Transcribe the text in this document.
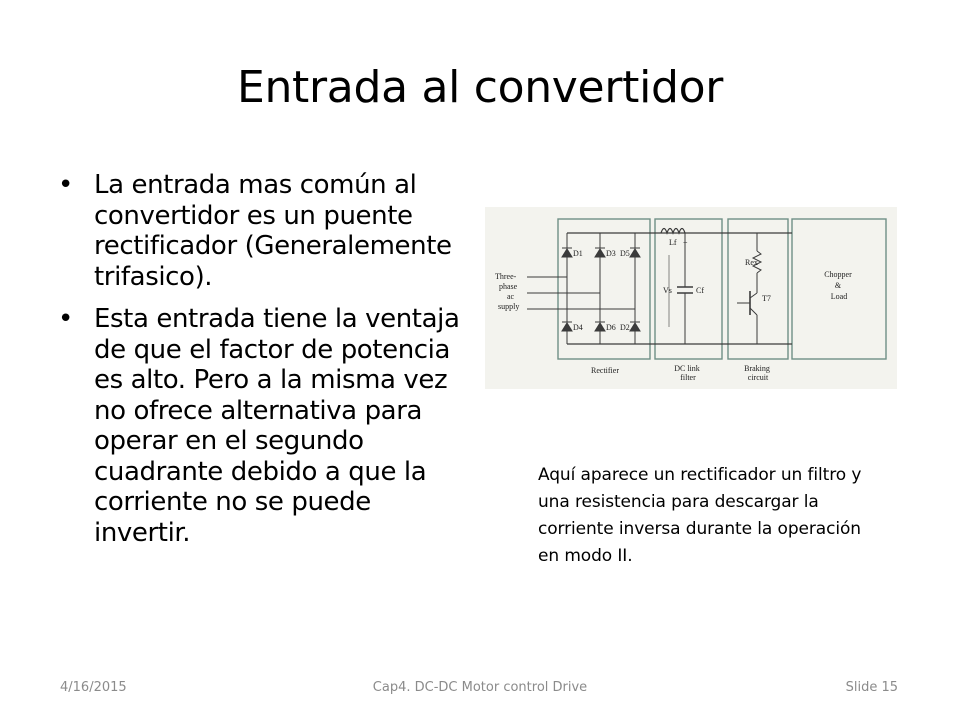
Entrada al convertidor
• La entrada mas común al convertidor es un puente rectificador (Generalemente trifasico).
• Esta entrada tiene la ventaja de que el factor de potencia es alto. Pero a la misma vez no ofrece alternativa para operar en el segundo cuadrante debido a que la corriente no se puede invertir.
D1	D3 D5
D4	D6 D2
Three- phase ac supply
Lf +
Cf
Vs
Rex
T7
Chopper & Load
Rectifier	DC link filter
Braking circuit
Aquí aparece un rectificador un filtro y una resistencia para descargar la corriente inversa durante la operación en modo II.
4/16/2015	Cap4. DC-DC Motor control Drive	Slide 15
